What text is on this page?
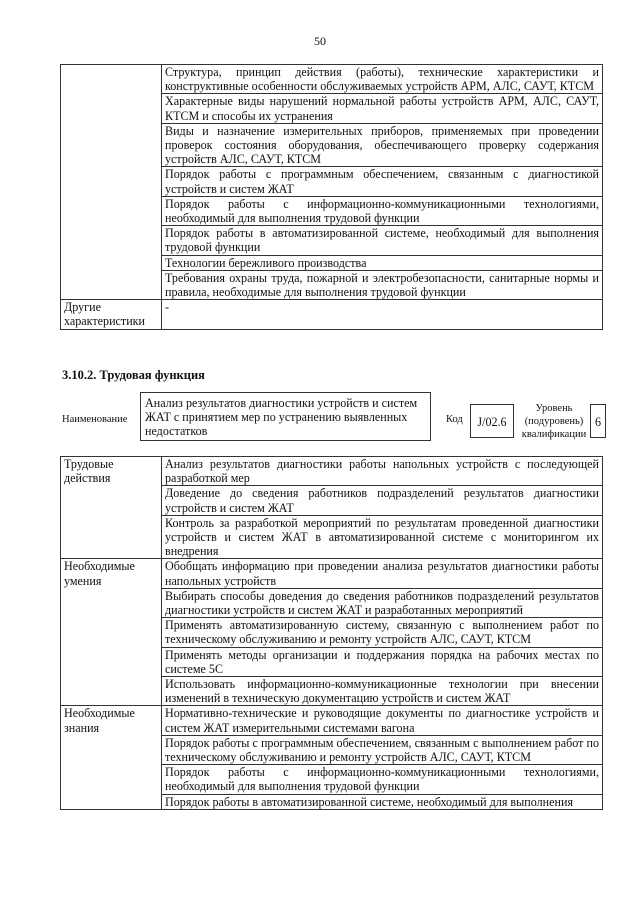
50
	Структура, принцип действия (работы), технические характеристики и конструктивные особенности обслуживаемых устройств АРМ, АЛС, САУТ, КТСМ
	Характерные виды нарушений нормальной работы устройств АРМ, АЛС, САУТ, КТСМ и способы их устранения
	Виды и назначение измерительных приборов, применяемых при проведении проверок состояния оборудования, обеспечивающего проверку содержания устройств АЛС, САУТ, КТСМ
	Порядок работы с программным обеспечением, связанным с диагностикой устройств и систем ЖАТ
	Порядок работы с информационно-коммуникационными технологиями, необходимый для выполнения трудовой функции
	Порядок работы в автоматизированной системе, необходимый для выполнения трудовой функции
	Технологии бережливого производства
	Требования охраны труда, пожарной и электробезопасности, санитарные нормы и правила, необходимые для выполнения трудовой функции
Другие характеристики	-
3.10.2. Трудовая функция
Наименование
Анализ результатов диагностики устройств и систем ЖАТ с принятием мер по устранению выявленных недостатков
Код	J/02.6
Уровень (подуровень) квалификации
6
Трудовые действия	Анализ результатов диагностики работы напольных устройств с последующей разработкой мер
	Доведение до сведения работников подразделений результатов диагностики устройств и систем ЖАТ
	Контроль за разработкой мероприятий по результатам проведенной диагностики устройств и систем ЖАТ в автоматизированной системе с мониторингом их внедрения
Необходимые умения	Обобщать информацию при проведении анализа результатов диагностики работы напольных устройств
	Выбирать способы доведения до сведения работников подразделений результатов диагностики устройств и систем ЖАТ и разработанных мероприятий
	Применять автоматизированную систему, связанную с выполнением работ по техническому обслуживанию и ремонту устройств АЛС, САУТ, КТСМ
	Применять методы организации и поддержания порядка на рабочих местах по системе 5С
	Использовать информационно-коммуникационные технологии при внесении изменений в техническую документацию устройств и систем ЖАТ
Необходимые знания	Нормативно-технические и руководящие документы по диагностике устройств и систем ЖАТ измерительными системами вагона
	Порядок работы с программным обеспечением, связанным с выполнением работ по техническому обслуживанию и ремонту устройств АЛС, САУТ, КТСМ
	Порядок работы с информационно-коммуникационными технологиями, необходимый для выполнения трудовой функции
	Порядок работы в автоматизированной системе, необходимый для выполнения
